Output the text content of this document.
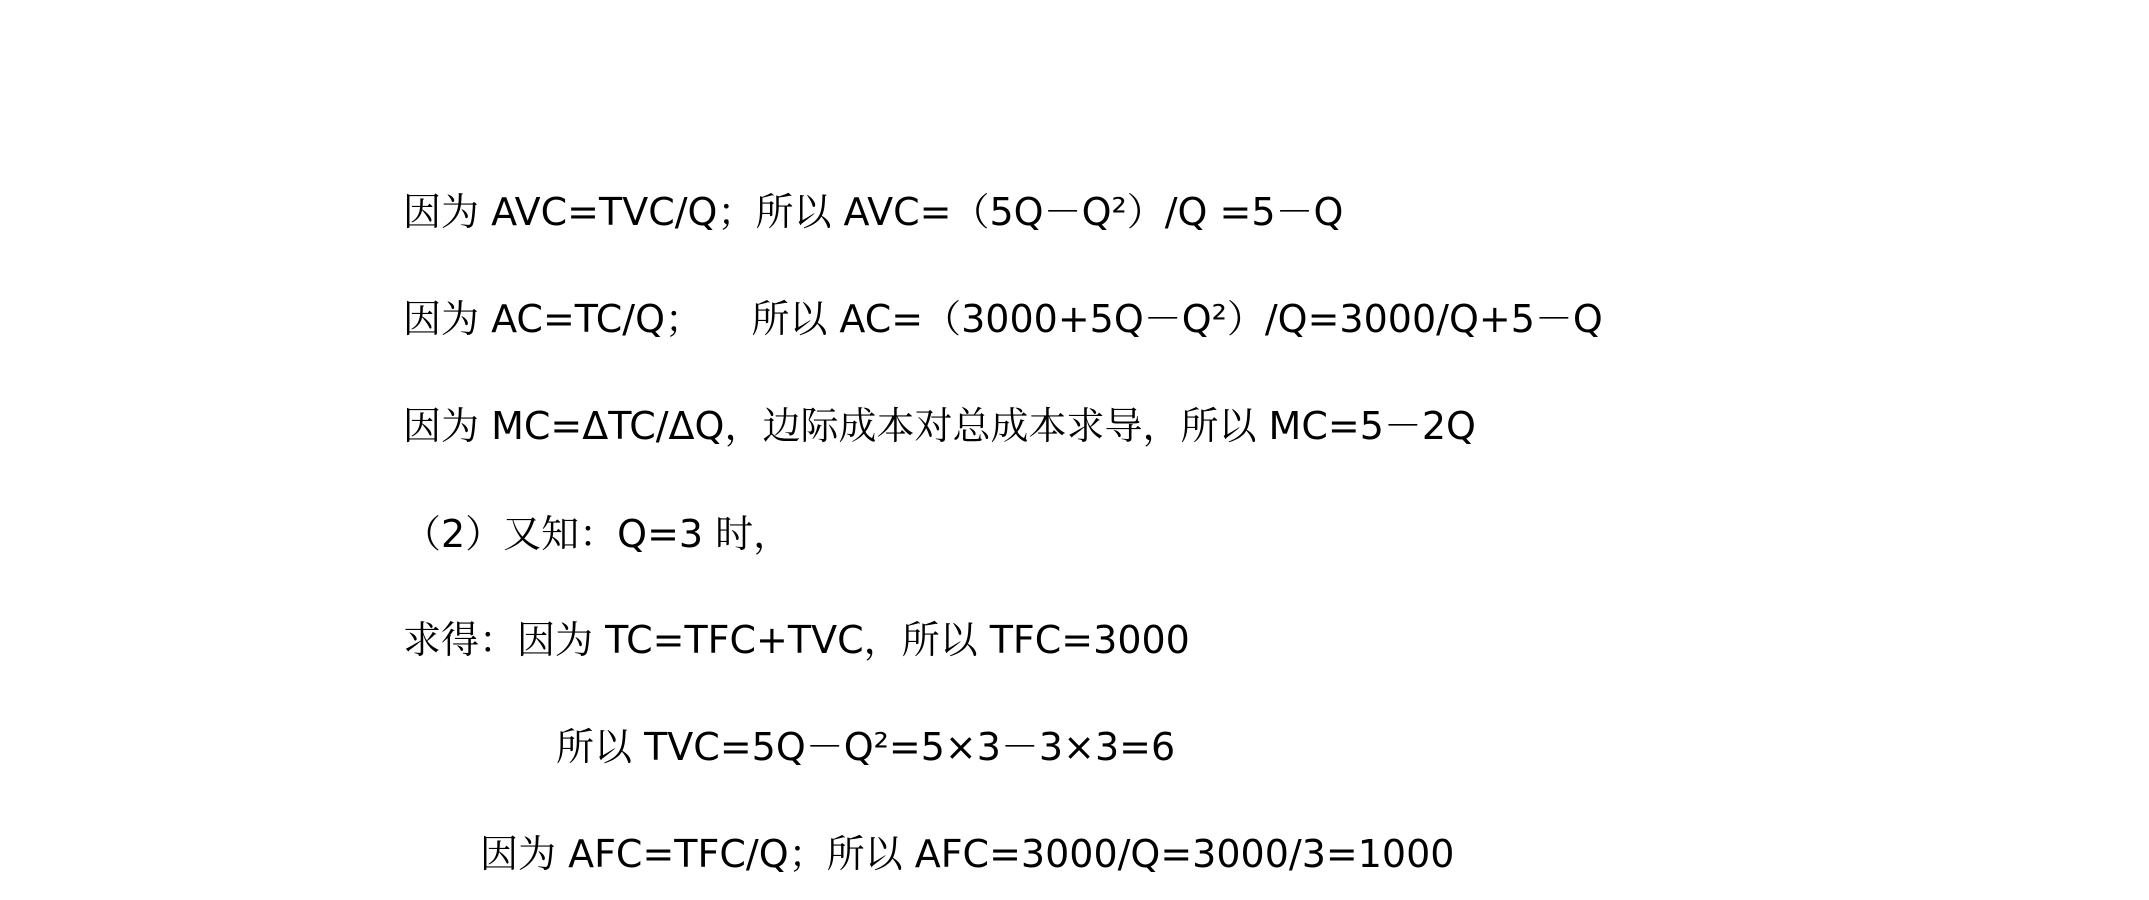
因为 AVC=TVC/Q；所以 AVC=（5Q－Q²）/Q =5－Q
因为 AC=TC/Q；    所以 AC=（3000+5Q－Q²）/Q=3000/Q+5－Q
因为 MC=ΔTC/ΔQ，边际成本对总成本求导，所以 MC=5－2Q
（2）又知：Q=3 时，
求得：因为 TC=TFC+TVC，所以 TFC=3000
所以 TVC=5Q－Q²=5×3－3×3=6
因为 AFC=TFC/Q；所以 AFC=3000/Q=3000/3=1000
